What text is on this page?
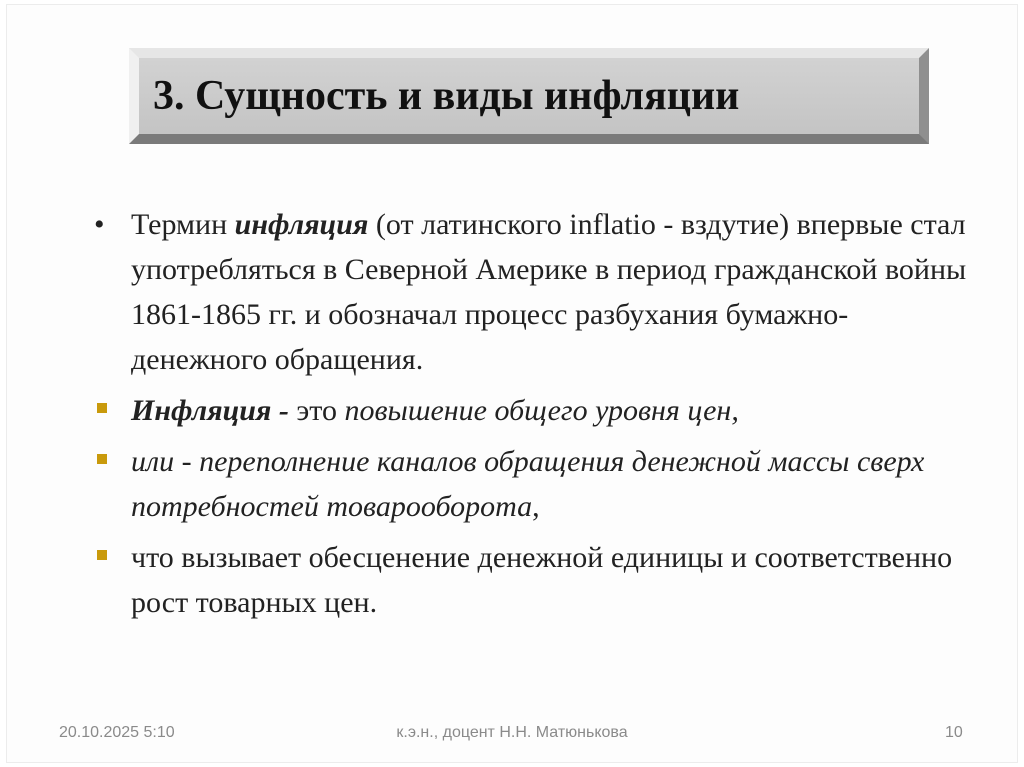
3. Сущность и виды инфляции
• Термин инфляция (от латинского inflatio - вздутие) впервые стал употребляться в Северной Америке в период гражданской войны 1861-1865 гг. и обозначал процесс разбухания бумажно-денежного обращения.
Инфляция - это повышение общего уровня цен,
или - переполнение каналов обращения денежной массы сверх потребностей товарооборота,
что вызывает обесценение денежной единицы и соответственно рост товарных цен.
20.10.2025 5:10	к.э.н., доцент Н.Н. Матюнькова	10
